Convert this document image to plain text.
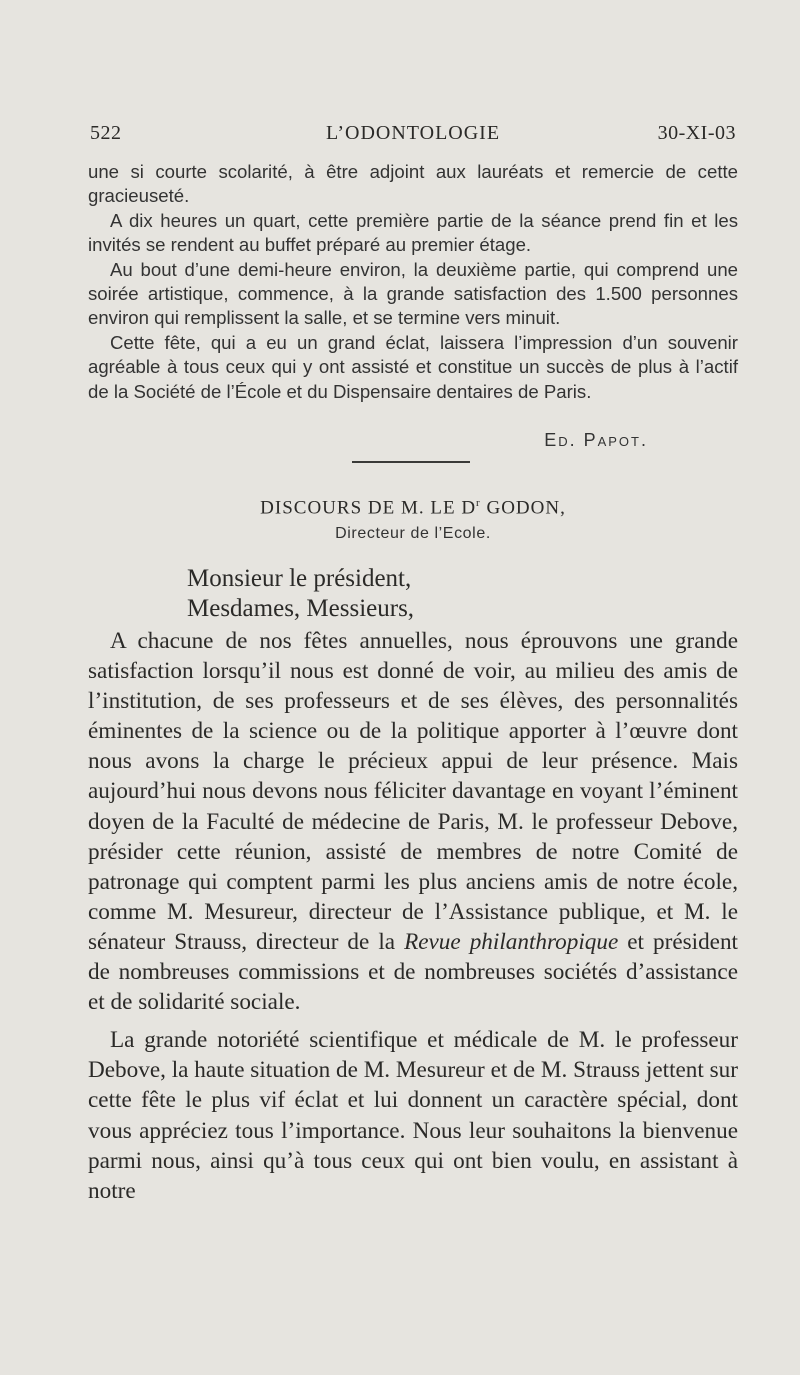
522	L’ODONTOLOGIE	30-XI-03

une si courte scolarité, à être adjoint aux lauréats et remercie de cette gracieuseté.

A dix heures un quart, cette première partie de la séance prend fin et les invités se rendent au buffet préparé au premier étage.

Au bout d’une demi-heure environ, la deuxième partie, qui comprend une soirée artistique, commence, à la grande satisfaction des 1.500 personnes environ qui remplissent la salle, et se termine vers minuit.

Cette fête, qui a eu un grand éclat, laissera l’impression d’un souvenir agréable à tous ceux qui y ont assisté et constitue un succès de plus à l’actif de la Société de l’École et du Dispensaire dentaires de Paris.

Ed. Papot.
DISCOURS DE M. LE $D^r$ GODON,
Directeur de l’Ecole.
Monsieur le président,
Mesdames, Messieurs,

A chacune de nos fêtes annuelles, nous éprouvons une grande satisfaction lorsqu’il nous est donné de voir, au milieu des amis de l’institution, de ses professeurs et de ses élèves, des personnalités éminentes de la science ou de la politique apporter à l’œuvre dont nous avons la charge le précieux appui de leur présence. Mais aujourd’hui nous devons nous féliciter davantage en voyant l’éminent doyen de la Faculté de médecine de Paris, M. le professeur Debove, présider cette réunion, assisté de membres de notre Comité de patronage qui comptent parmi les plus anciens amis de notre école, comme M. Mesureur, directeur de l’Assistance publique, et M. le sénateur Strauss, directeur de la Revue philanthropique et président de nombreuses commissions et de nombreuses sociétés d’assistance et de solidarité sociale.

La grande notoriété scientifique et médicale de M. le professeur Debove, la haute situation de M. Mesureur et de M. Strauss jettent sur cette fête le plus vif éclat et lui donnent un caractère spécial, dont vous appréciez tous l’importance. Nous leur souhaitons la bienvenue parmi nous, ainsi qu’à tous ceux qui ont bien voulu, en assistant à notre
